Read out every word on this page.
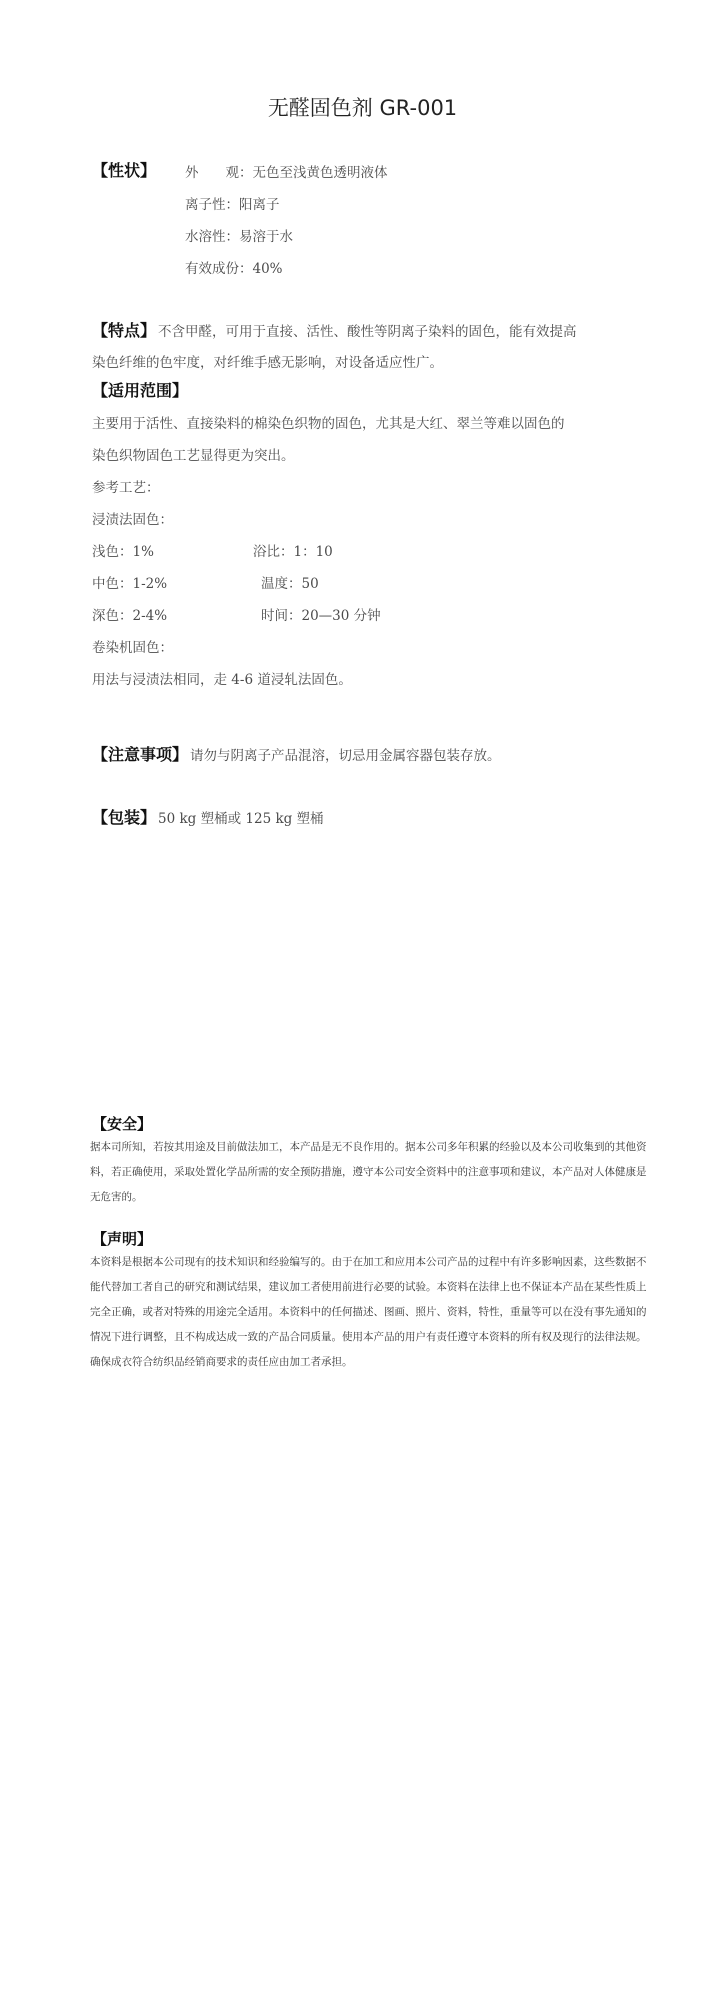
无醛固色剂 GR-001
【性状】 外　　观：无色至浅黄色透明液体
离子性：阳离子
水溶性：易溶于水
有效成份：40%
【特点】 不含甲醛，可用于直接、活性、酸性等阴离子染料的固色，能有效提高
染色纤维的色牢度，对纤维手感无影响，对设备适应性广。
【适用范围】
主要用于活性、直接染料的棉染色织物的固色，尤其是大红、翠兰等难以固色的
染色织物固色工艺显得更为突出。
参考工艺：
浸渍法固色：
浅色：1%	浴比：1：10
中色：1-2%	温度：50
深色：2-4%	时间：20—30 分钟
卷染机固色：
用法与浸渍法相同，走 4-6 道浸轧法固色。
【注意事项】 请勿与阴离子产品混溶，切忌用金属容器包装存放。
【包装】 50 kg 塑桶或 125 kg 塑桶
【安全】
据本司所知，若按其用途及目前做法加工，本产品是无不良作用的。据本公司多年积累的经验以及本公司收集到的其他资料，若正确使用，采取处置化学品所需的安全预防措施，遵守本公司安全资料中的注意事项和建议，本产品对人体健康是无危害的。
【声明】
本资料是根据本公司现有的技术知识和经验编写的。由于在加工和应用本公司产品的过程中有许多影响因素，这些数据不能代替加工者自己的研究和测试结果，建议加工者使用前进行必要的试验。本资料在法律上也不保证本产品在某些性质上完全正确，或者对特殊的用途完全适用。本资料中的任何描述、图画、照片、资料，特性，重量等可以在没有事先通知的情况下进行调整，且不构成达成一致的产品合同质量。使用本产品的用户有责任遵守本资料的所有权及现行的法律法规。确保成衣符合纺织品经销商要求的责任应由加工者承担。
